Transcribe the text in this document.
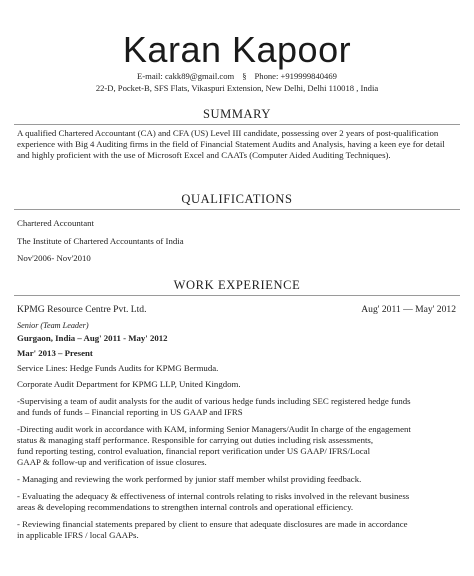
Karan Kapoor
E-mail: cakk89@gmail.com § Phone: +919999840469
22-D, Pocket-B, SFS Flats, Vikaspuri Extension, New Delhi, Delhi 110018 , India
SUMMARY

A qualified Chartered Accountant (CA) and CFA (US) Level III candidate, possessing over 2 years of post-qualification experience with Big 4 Auditing firms in the field of Financial Statement Audits and Analysis, having a keen eye for detail and highly proficient with the use of Microsoft Excel and CAATs (Computer Aided Auditing Techniques).

QUALIFICATIONS
Chartered Accountant
The Institute of Chartered Accountants of India
Nov'2006- Nov'2010
WORK EXPERIENCE
KPMG Resource Centre Pvt. Ltd.	Aug' 2011 — May' 2012
Senior (Team Leader)
Gurgaon, India – Aug' 2011 - May' 2012
Mar' 2013 – Present
Service Lines: Hedge Funds Audits for KPMG Bermuda.
Corporate Audit Department for KPMG LLP, United Kingdom.
-Supervising a team of audit analysts for the audit of various hedge funds including SEC registered hedge funds
and funds of funds – Financial reporting in US GAAP and IFRS
-Directing audit work in accordance with KAM, informing Senior Managers/Audit In charge of the engagement
status & managing staff performance. Responsible for carrying out duties including risk assessments,
fund reporting testing, control evaluation, financial report verification under US GAAP/ IFRS/Local
GAAP & follow-up and verification of issue closures.
- Managing and reviewing the work performed by junior staff member whilst providing feedback.
- Evaluating the adequacy & effectiveness of internal controls relating to risks involved in the relevant business
areas & developing recommendations to strengthen internal controls and operational efficiency.
- Reviewing financial statements prepared by client to ensure that adequate disclosures are made in accordance
in applicable IFRS / local GAAPs.
